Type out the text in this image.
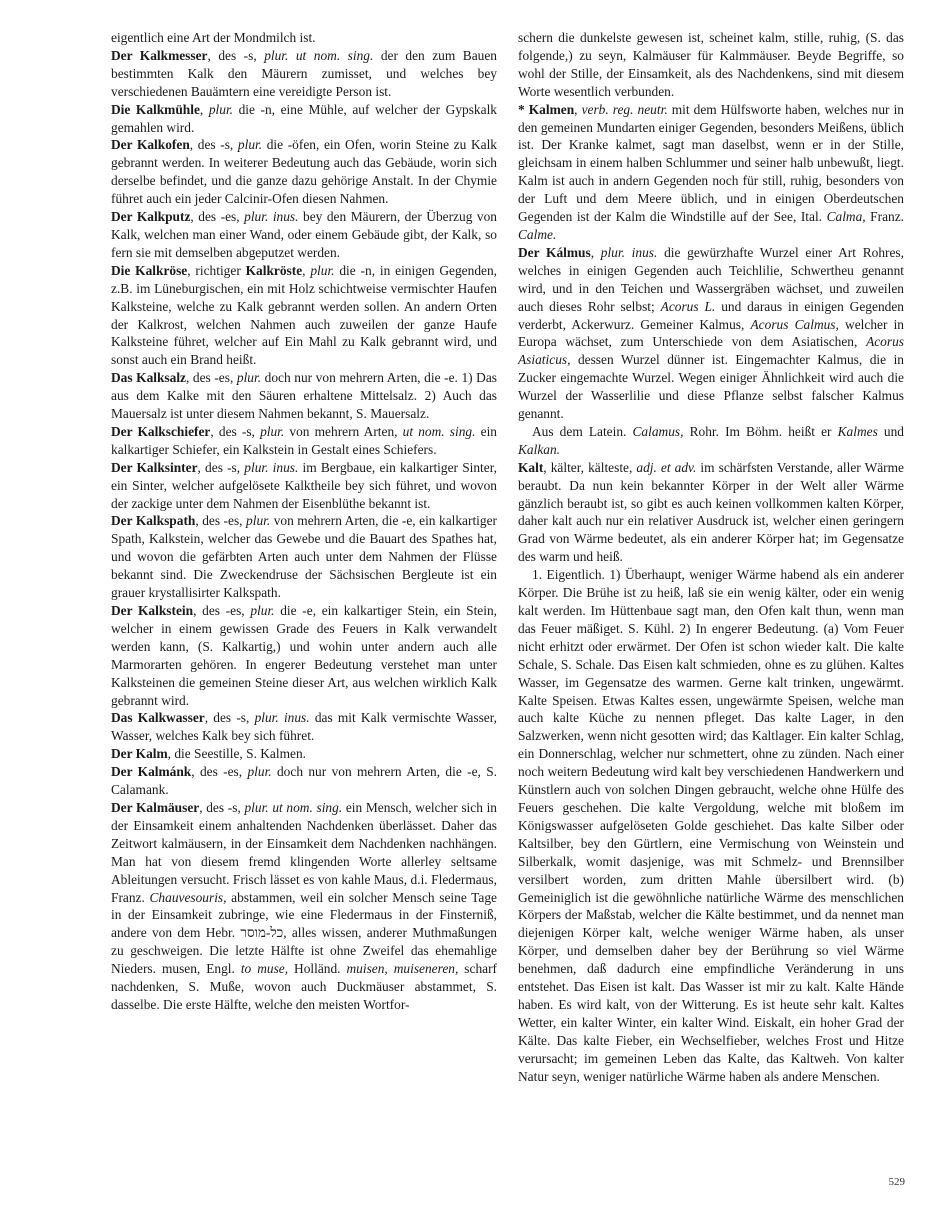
eigentlich eine Art der Mondmilch ist.

Der Kalkmesser, des -s, plur. ut nom. sing. der den zum Bauen bestimmten Kalk den Mäurern zumisset, und welches bey verschiedenen Bauämtern eine vereidigte Person ist.

Die Kalkmühle, plur. die -n, eine Mühle, auf welcher der Gypskalk gemahlen wird.

Der Kalkofen, des -s, plur. die -öfen, ein Ofen, worin Steine zu Kalk gebrannt werden. In weiterer Bedeutung auch das Gebäude, worin sich derselbe befindet, und die ganze dazu gehörige Anstalt. In der Chymie führet auch ein jeder Calcinir-Ofen diesen Nahmen.

Der Kalkputz, des -es, plur. inus. bey den Mäurern, der Überzug von Kalk, welchen man einer Wand, oder einem Gebäude gibt, der Kalk, so fern sie mit demselben abgeputzet werden.

Die Kalkröse, richtiger Kalkröste, plur. die -n, in einigen Gegenden, z.B. im Lüneburgischen, ein mit Holz schichtweise vermischter Haufen Kalksteine, welche zu Kalk gebrannt werden sollen. An andern Orten der Kalkrost, welchen Nahmen auch zuweilen der ganze Haufe Kalksteine führet, welcher auf Ein Mahl zu Kalk gebrannt wird, und sonst auch ein Brand heißt.

Das Kalksalz, des -es, plur. doch nur von mehrern Arten, die -e. 1) Das aus dem Kalke mit den Säuren erhaltene Mittelsalz. 2) Auch das Mauersalz ist unter diesem Nahmen bekannt, S. Mauersalz.

Der Kalkschiefer, des -s, plur. von mehrern Arten, ut nom. sing. ein kalkartiger Schiefer, ein Kalkstein in Gestalt eines Schiefers.

Der Kalksinter, des -s, plur. inus. im Bergbaue, ein kalkartiger Sinter, ein Sinter, welcher aufgelösete Kalktheile bey sich führet, und wovon der zackige unter dem Nahmen der Eisenblüthe bekannt ist.

Der Kalkspath, des -es, plur. von mehrern Arten, die -e, ein kalkartiger Spath, Kalkstein, welcher das Gewebe und die Bauart des Spathes hat, und wovon die gefärbten Arten auch unter dem Nahmen der Flüsse bekannt sind. Die Zweckendruse der Sächsischen Bergleute ist ein grauer krystallisirter Kalkspath.

Der Kalkstein, des -es, plur. die -e, ein kalkartiger Stein, ein Stein, welcher in einem gewissen Grade des Feuers in Kalk verwandelt werden kann, (S. Kalkartig,) und wohin unter andern auch alle Marmorarten gehören. In engerer Bedeutung verstehet man unter Kalksteinen die gemeinen Steine dieser Art, aus welchen wirklich Kalk gebrannt wird.

Das Kalkwasser, des -s, plur. inus. das mit Kalk vermischte Wasser, Wasser, welches Kalk bey sich führet.

Der Kalm, die Seestille, S. Kalmen.

Der Kalmánk, des -es, plur. doch nur von mehrern Arten, die -e, S. Calamank.

Der Kalmäuser, des -s, plur. ut nom. sing. ein Mensch, welcher sich in der Einsamkeit einem anhaltenden Nachdenken überlässet. Daher das Zeitwort kalmäusern, in der Einsamkeit dem Nachdenken nachhängen. Man hat von diesem fremd klingenden Worte allerley seltsame Ableitungen versucht. Frisch lässet es von kahle Maus, d.i. Fledermaus, Franz. Chauvesouris, abstammen, weil ein solcher Mensch seine Tage in der Einsamkeit zubringe, wie eine Fledermaus in der Finsterniß, andere von dem Hebr. כל-מוסר, alles wissen, anderer Muthmaßungen zu geschweigen. Die letzte Hälfte ist ohne Zweifel das ehemahlige Nieders. musen, Engl. to muse, Holländ. muisen, muiseneren, scharf nachdenken, S. Muße, wovon auch Duckmäuser abstammet, S. dasselbe. Die erste Hälfte, welche den meisten Wortfor-

schern die dunkelste gewesen ist, scheinet kalm, stille, ruhig, (S. das folgende,) zu seyn, Kalmäuser für Kalmmäuser. Beyde Begriffe, so wohl der Stille, der Einsamkeit, als des Nachdenkens, sind mit diesem Worte wesentlich verbunden.

* Kalmen, verb. reg. neutr. mit dem Hülfsworte haben, welches nur in den gemeinen Mundarten einiger Gegenden, besonders Meißens, üblich ist. Der Kranke kalmet, sagt man daselbst, wenn er in der Stille, gleichsam in einem halben Schlummer und seiner halb unbewußt, liegt. Kalm ist auch in andern Gegenden noch für still, ruhig, besonders von der Luft und dem Meere üblich, und in einigen Oberdeutschen Gegenden ist der Kalm die Windstille auf der See, Ital. Calma, Franz. Calme.

Der Kálmus, plur. inus. die gewürzhafte Wurzel einer Art Rohres, welches in einigen Gegenden auch Teichlilie, Schwertheu genannt wird, und in den Teichen und Wassergräben wächset, und zuweilen auch dieses Rohr selbst; Acorus L. und daraus in einigen Gegenden verderbt, Ackerwurz. Gemeiner Kalmus, Acorus Calmus, welcher in Europa wächset, zum Unterschiede von dem Asiatischen, Acorus Asiaticus, dessen Wurzel dünner ist. Eingemachter Kalmus, die in Zucker eingemachte Wurzel. Wegen einiger Ähnlichkeit wird auch die Wurzel der Wasserlilie und diese Pflanze selbst falscher Kalmus genannt.

Aus dem Latein. Calamus, Rohr. Im Böhm. heißt er Kalmes und Kalkan.

Kalt, kälter, kälteste, adj. et adv. im schärfsten Verstande, aller Wärme beraubt. Da nun kein bekannter Körper in der Welt aller Wärme gänzlich beraubt ist, so gibt es auch keinen vollkommen kalten Körper, daher kalt auch nur ein relativer Ausdruck ist, welcher einen geringern Grad von Wärme bedeutet, als ein anderer Körper hat; im Gegensatze des warm und heiß.

1. Eigentlich. 1) Überhaupt, weniger Wärme habend als ein anderer Körper. Die Brühe ist zu heiß, laß sie ein wenig kälter, oder ein wenig kalt werden. Im Hüttenbaue sagt man, den Ofen kalt thun, wenn man das Feuer mäßiget. S. Kühl. 2) In engerer Bedeutung. (a) Vom Feuer nicht erhitzt oder erwärmet. Der Ofen ist schon wieder kalt. Die kalte Schale, S. Schale. Das Eisen kalt schmieden, ohne es zu glühen. Kaltes Wasser, im Gegensatze des warmen. Gerne kalt trinken, ungewärmt. Kalte Speisen. Etwas Kaltes essen, ungewärmte Speisen, welche man auch kalte Küche zu nennen pfleget. Das kalte Lager, in den Salzwerken, wenn nicht gesotten wird; das Kaltlager. Ein kalter Schlag, ein Donnerschlag, welcher nur schmettert, ohne zu zünden. Nach einer noch weitern Bedeutung wird kalt bey verschiedenen Handwerkern und Künstlern auch von solchen Dingen gebraucht, welche ohne Hülfe des Feuers geschehen. Die kalte Vergoldung, welche mit bloßem im Königswasser aufgelöseten Golde geschiehet. Das kalte Silber oder Kaltsilber, bey den Gürtlern, eine Vermischung von Weinstein und Silberkalk, womit dasjenige, was mit Schmelz- und Brennsilber versilbert worden, zum dritten Mahle übersilbert wird. (b) Gemeiniglich ist die gewöhnliche natürliche Wärme des menschlichen Körpers der Maßstab, welcher die Kälte bestimmet, und da nennet man diejenigen Körper kalt, welche weniger Wärme haben, als unser Körper, und demselben daher bey der Berührung so viel Wärme benehmen, daß dadurch eine empfindliche Veränderung in uns entstehet. Das Eisen ist kalt. Das Wasser ist mir zu kalt. Kalte Hände haben. Es wird kalt, von der Witterung. Es ist heute sehr kalt. Kaltes Wetter, ein kalter Winter, ein kalter Wind. Eiskalt, ein hoher Grad der Kälte. Das kalte Fieber, ein Wechselfieber, welches Frost und Hitze verursacht; im gemeinen Leben das Kalte, das Kaltweh. Von kalter Natur seyn, weniger natürliche Wärme haben als andere Menschen.

529
